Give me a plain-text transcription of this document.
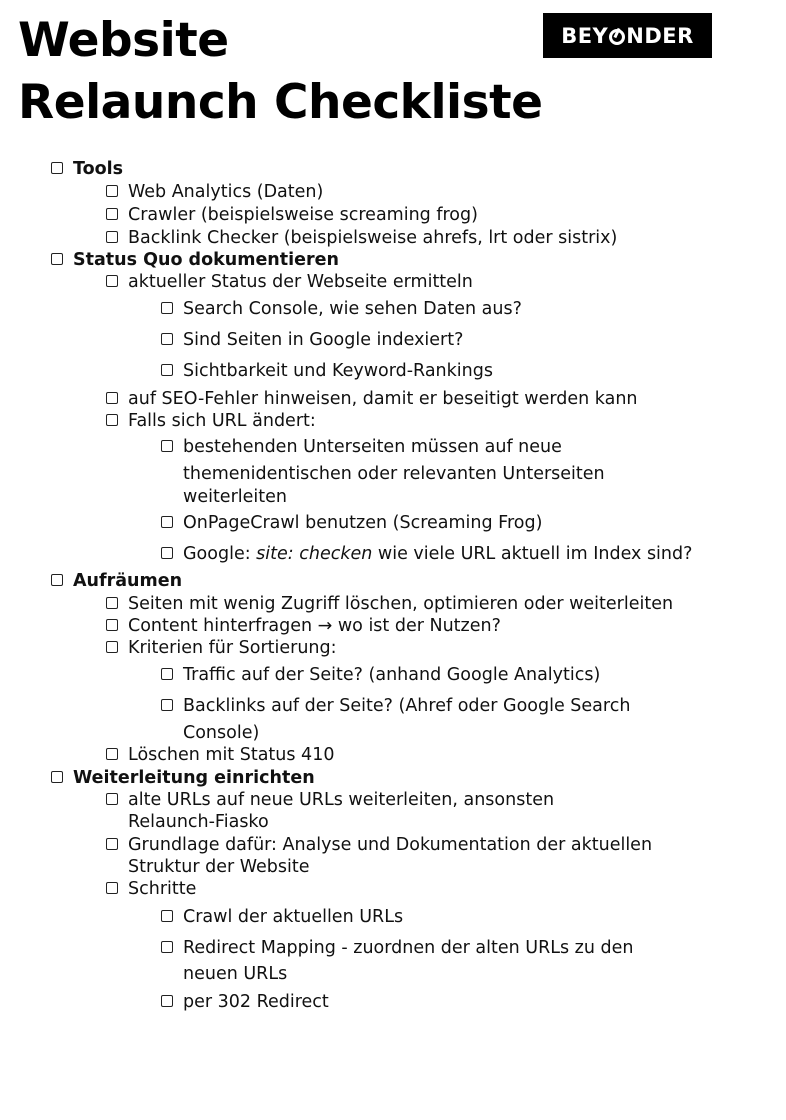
Website
Relaunch Checkliste
BEY NDER
Tools
Web Analytics (Daten)
Crawler (beispielsweise screaming frog)
Backlink Checker (beispielsweise ahrefs, lrt oder sistrix)
Status Quo dokumentieren
aktueller Status der Webseite ermitteln
Search Console, wie sehen Daten aus?
Sind Seiten in Google indexiert?
Sichtbarkeit und Keyword-Rankings
auf SEO-Fehler hinweisen, damit er beseitigt werden kann
Falls sich URL ändert:
bestehenden Unterseiten müssen auf neue
themenidentischen oder relevanten Unterseiten
weiterleiten
OnPageCrawl benutzen (Screaming Frog)
Google: site: checken wie viele URL aktuell im Index sind?
Aufräumen
Seiten mit wenig Zugriff löschen, optimieren oder weiterleiten
Content hinterfragen → wo ist der Nutzen?
Kriterien für Sortierung:
Traffic auf der Seite? (anhand Google Analytics)
Backlinks auf der Seite? (Ahref oder Google Search
Console)
Löschen mit Status 410
Weiterleitung einrichten
alte URLs auf neue URLs weiterleiten, ansonsten
Relaunch-Fiasko
Grundlage dafür: Analyse und Dokumentation der aktuellen
Struktur der Website
Schritte
Crawl der aktuellen URLs
Redirect Mapping - zuordnen der alten URLs zu den
neuen URLs
per 302 Redirect
